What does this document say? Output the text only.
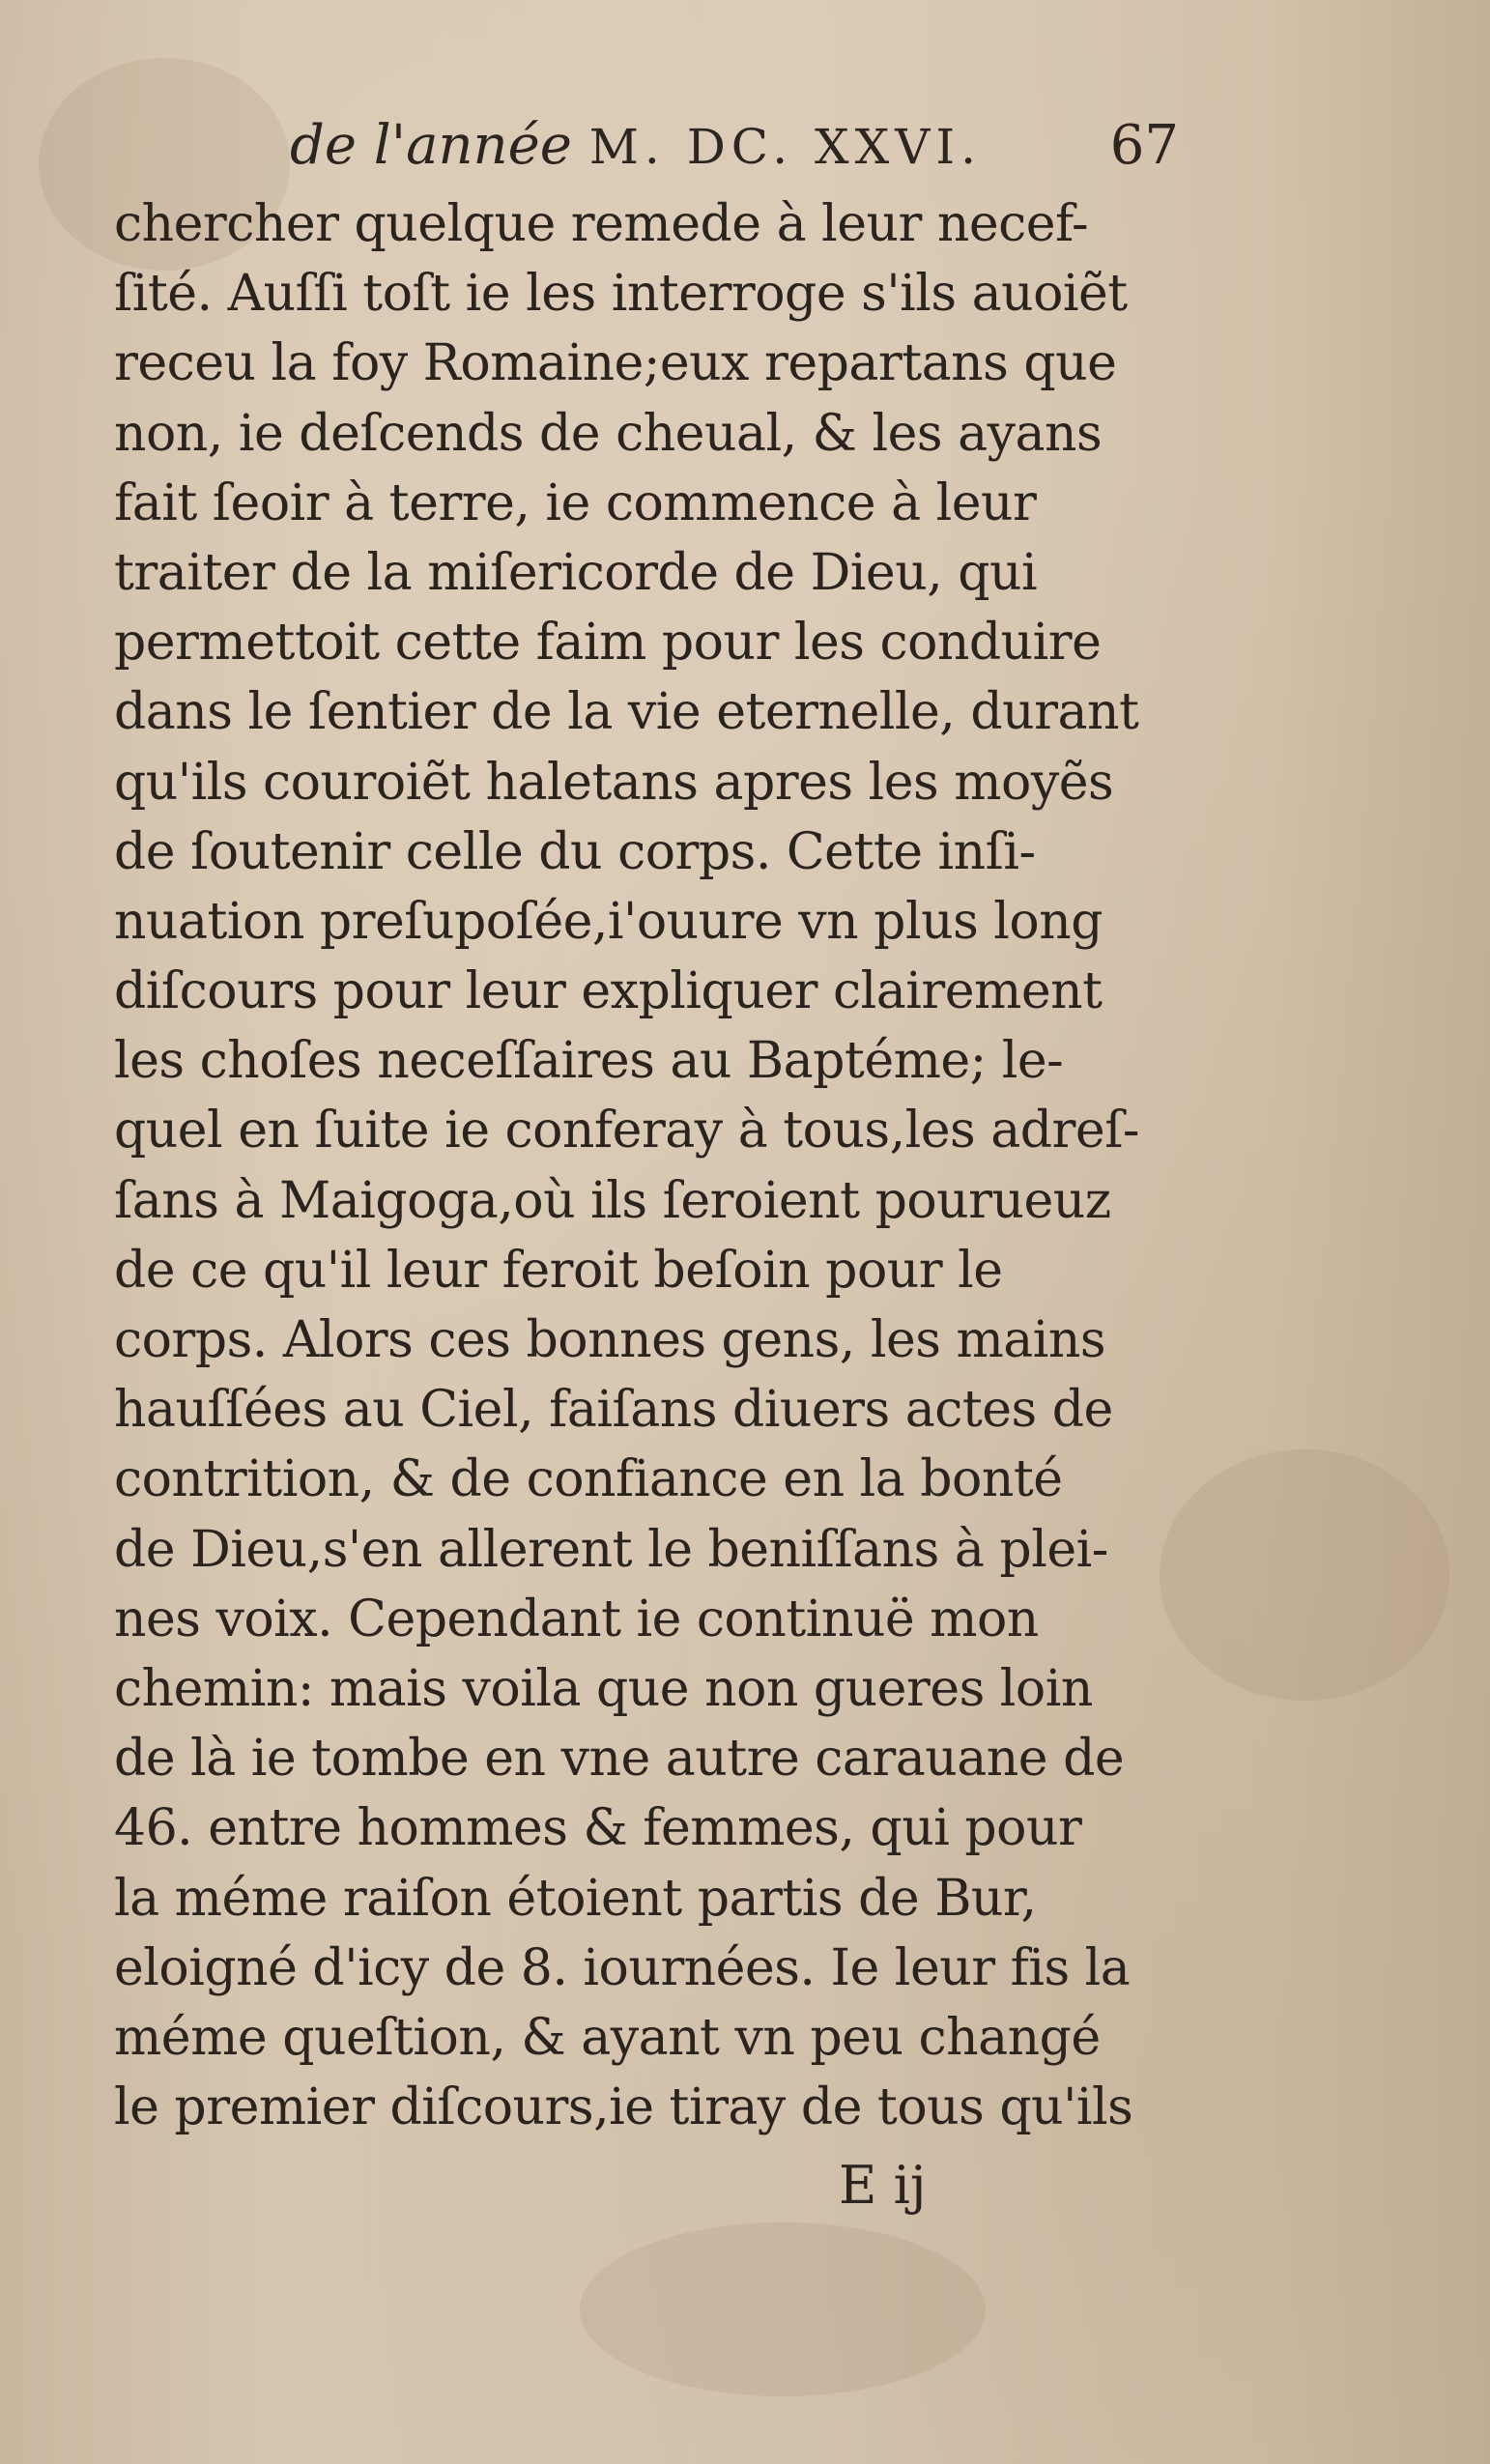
de l'année M. DC. XXVI. 67
chercher quelque remede à leur necef-
ſité. Auſſi toſt ie les interroge s'ils auoiẽt
receu la foy Romaine;eux repartans que
non, ie deſcends de cheual, & les ayans
fait ſeoir à terre, ie commence à leur
traiter de la miſericorde de Dieu, qui
permettoit cette faim pour les conduire
dans le ſentier de la vie eternelle, durant
qu'ils couroiẽt haletans apres les moyẽs
de ſoutenir celle du corps. Cette inſi-
nuation preſupoſée,i'ouure vn plus long
diſcours pour leur expliquer clairement
les choſes neceſſaires au Baptéme; le-
quel en ſuite ie conferay à tous,les adreſ-
ſans à Maigoga,où ils ſeroient pourueuz
de ce qu'il leur feroit beſoin pour le
corps. Alors ces bonnes gens, les mains
hauſſées au Ciel, faiſans diuers actes de
contrition, & de confiance en la bonté
de Dieu,s'en allerent le beniſſans à plei-
nes voix. Cependant ie continuë mon
chemin: mais voila que non gueres loin
de là ie tombe en vne autre carauane de
46. entre hommes & femmes, qui pour
la méme raiſon étoient partis de Bur,
eloigné d'icy de 8. iournées. Ie leur fis la
méme queſtion, & ayant vn peu changé
le premier diſcours,ie tiray de tous qu'ils
E ij
